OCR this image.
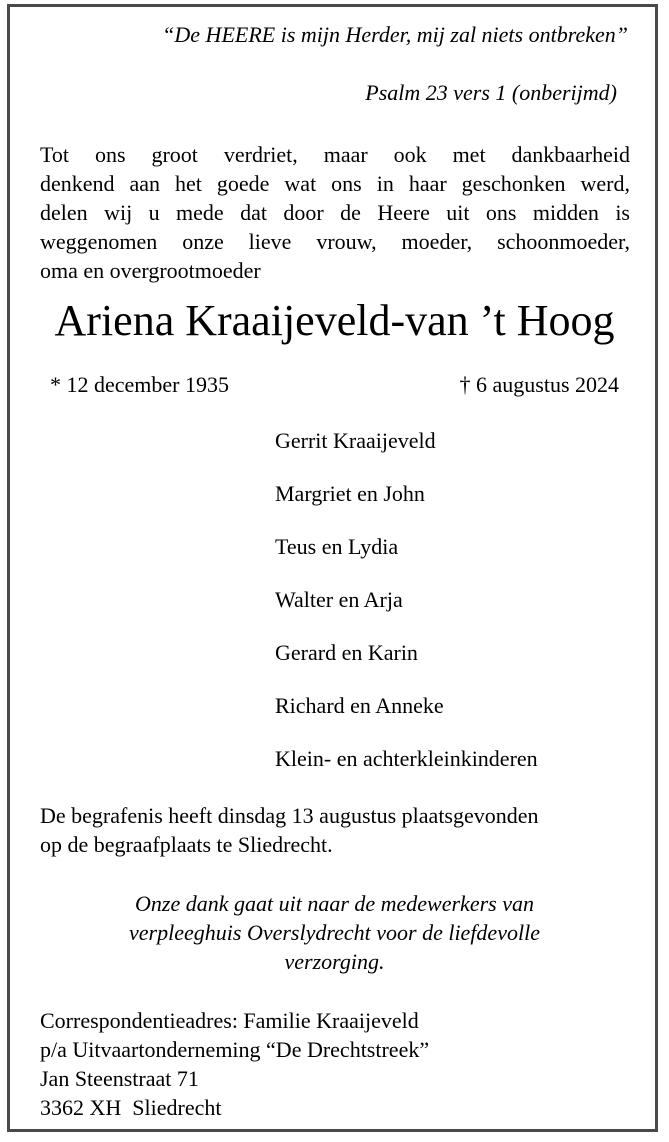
“De HEERE is mijn Herder, mij zal niets ontbreken”
Psalm 23 vers 1 (onberijmd)
Tot ons groot verdriet, maar ook met dankbaarheid
denkend aan het goede wat ons in haar geschonken werd,
delen wij u mede dat door de Heere uit ons midden is
weggenomen onze lieve vrouw, moeder, schoonmoeder,
oma en overgrootmoeder
Ariena Kraaijeveld-van ’t Hoog
* 12 december 1935	† 6 augustus 2024
Gerrit Kraaijeveld
Margriet en John
Teus en Lydia
Walter en Arja
Gerard en Karin
Richard en Anneke
Klein- en achterkleinkinderen
De begrafenis heeft dinsdag 13 augustus plaatsgevonden
op de begraafplaats te Sliedrecht.
Onze dank gaat uit naar de medewerkers van
verpleeghuis Overslydrecht voor de liefdevolle
verzorging.
Correspondentieadres: Familie Kraaijeveld
p/a Uitvaartonderneming “De Drechtstreek”
Jan Steenstraat 71
3362 XH  Sliedrecht
